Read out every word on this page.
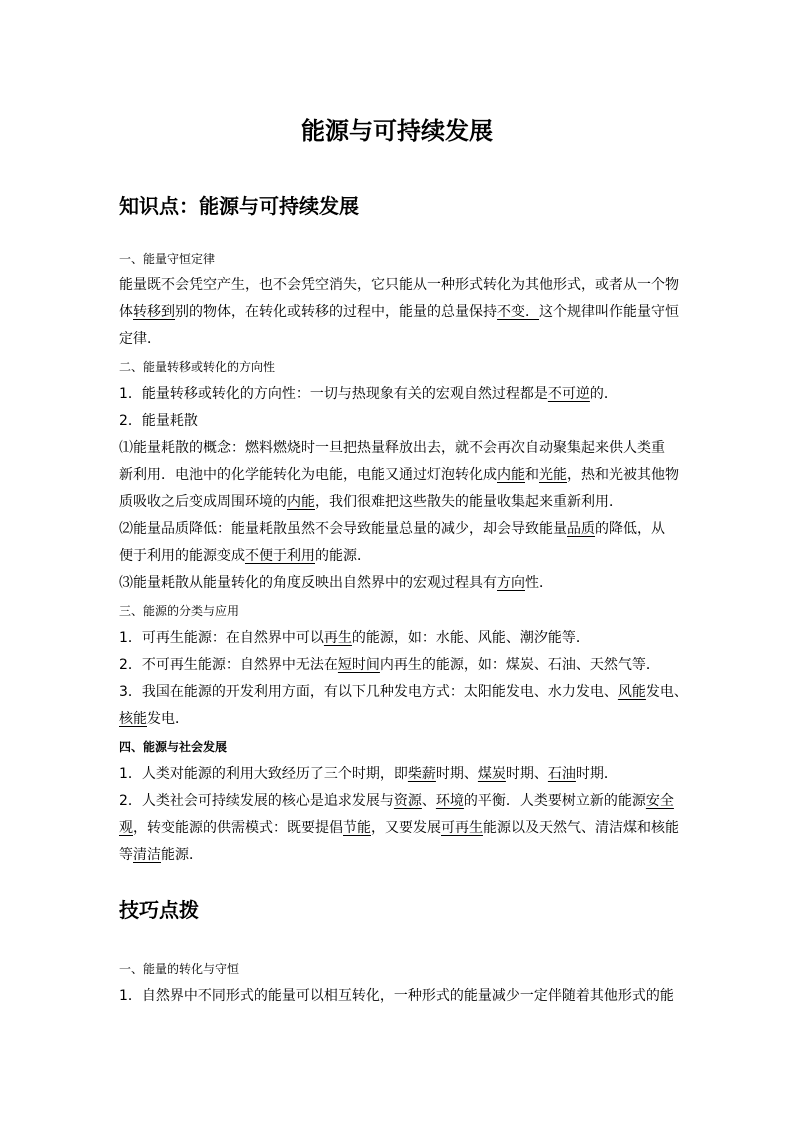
能源与可持续发展
知识点：能源与可持续发展

一、能量守恒定律

能量既不会凭空产生，也不会凭空消失，它只能从一种形式转化为其他形式，或者从一个物

体转移到别的物体，在转化或转移的过程中，能量的总量保持不变．这个规律叫作能量守恒

定律．

二、能量转移或转化的方向性

1．能量转移或转化的方向性：一切与热现象有关的宏观自然过程都是不可逆的．

2．能量耗散

⑴能量耗散的概念：燃料燃烧时一旦把热量释放出去，就不会再次自动聚集起来供人类重

新利用．电池中的化学能转化为电能，电能又通过灯泡转化成内能和光能，热和光被其他物

质吸收之后变成周围环境的内能，我们很难把这些散失的能量收集起来重新利用．

⑵能量品质降低：能量耗散虽然不会导致能量总量的减少，却会导致能量品质的降低，从

便于利用的能源变成不便于利用的能源．

⑶能量耗散从能量转化的角度反映出自然界中的宏观过程具有方向性．

三、能源的分类与应用

1．可再生能源：在自然界中可以再生的能源，如：水能、风能、潮汐能等．

2．不可再生能源：自然界中无法在短时间内再生的能源，如：煤炭、石油、天然气等．

3．我国在能源的开发利用方面，有以下几种发电方式：太阳能发电、水力发电、风能发电、

核能发电．

四、能源与社会发展

1．人类对能源的利用大致经历了三个时期，即柴薪时期、煤炭时期、石油时期．

2．人类社会可持续发展的核心是追求发展与资源、环境的平衡．人类要树立新的能源安全

观，转变能源的供需模式：既要提倡节能，又要发展可再生能源以及天然气、清洁煤和核能

等清洁能源．

技巧点拨

一、能量的转化与守恒

1．自然界中不同形式的能量可以相互转化，一种形式的能量减少一定伴随着其他形式的能
